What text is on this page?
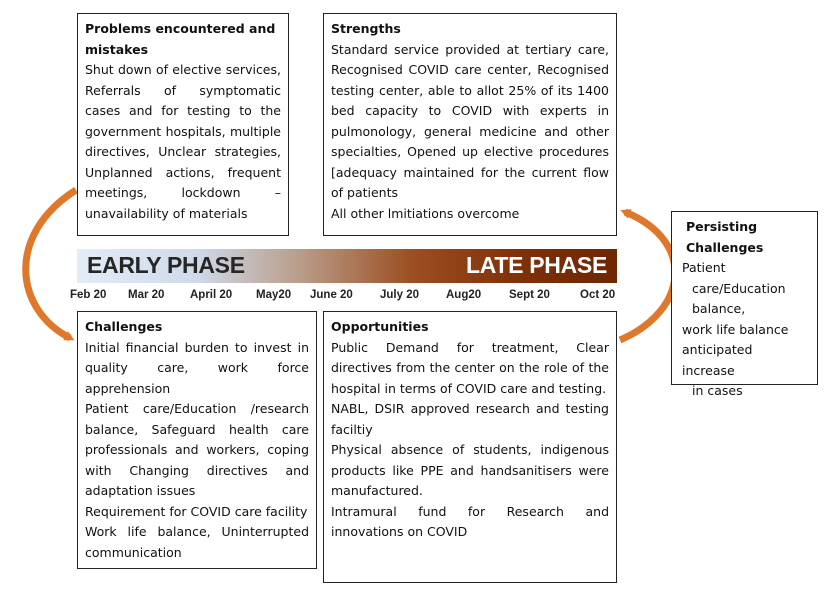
Problems encountered and mistakes

Shut down of elective services, Referrals of symptomatic cases and for testing to the government hospitals, multiple directives, Unclear strategies, Unplanned actions, frequent meetings, lockdown – unavailability of materials

Strengths

Standard service provided at tertiary care, Recognised COVID care center, Recognised testing center, able to allot 25% of its 1400 bed capacity to COVID with experts in pulmonology, general medicine and other specialties, Opened up elective procedures [adequacy maintained for the current flow of patients

All other lmitiations overcome

EARLY PHASE	LATE PHASE
Feb 20 Mar 20 April 20 May20 June 20 July 20 Aug20 Sept 20	Oct 20
Challenges

Initial financial burden to invest in quality care, work force apprehension

Patient care/Education /research balance, Safeguard health care professionals and workers, coping with Changing directives and adaptation issues

Requirement for COVID care facility

Work life balance, Uninterrupted communication

Opportunities

Public Demand for treatment, Clear directives from the center on the role of the hospital in terms of COVID care and testing.

NABL, DSIR approved research and testing faciltiy

Physical absence of students, indigenous products like PPE and handsanitisers were manufactured.

Intramural fund for Research and innovations on COVID

Persisting
Challenges
Patient
care/Education
balance,
work life balance
anticipated increase
in cases
